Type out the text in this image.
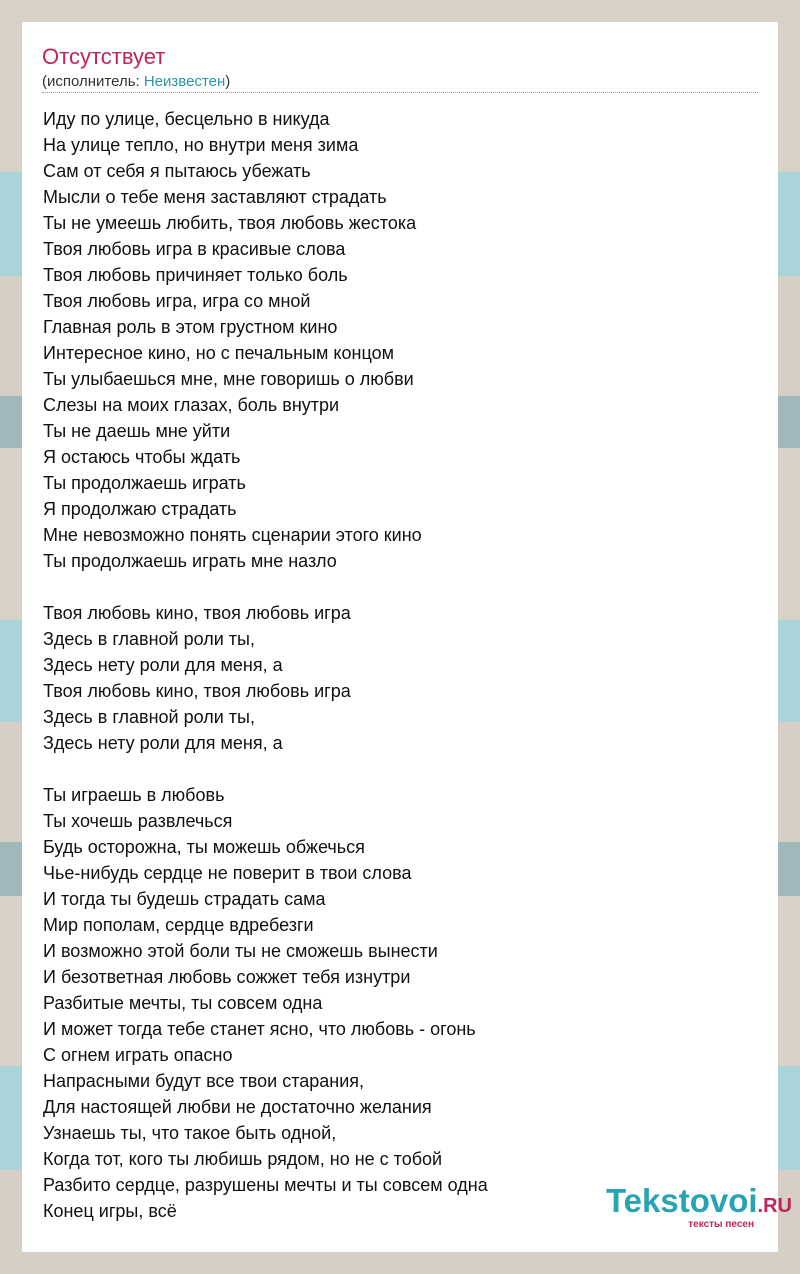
Отсутствует
(исполнитель: Неизвестен)
Иду по улице, бесцельно в никуда
На улице тепло, но внутри меня зима
Сам от себя я пытаюсь убежать
Мысли о тебе меня заставляют страдать
Ты не умеешь любить, твоя любовь жестока
Твоя любовь игра в красивые слова
Твоя любовь причиняет только боль
Твоя любовь игра, игра со мной
Главная роль в этом грустном кино
Интересное кино, но с печальным концом
Ты улыбаешься мне, мне говоришь о любви
Слезы на моих глазах, боль внутри
Ты не даешь мне уйти
Я остаюсь чтобы ждать
Ты продолжаешь играть
Я продолжаю страдать
Мне невозможно понять сценарии этого кино
Ты продолжаешь играть мне назло
Твоя любовь кино, твоя любовь игра
Здесь в главной роли ты,
Здесь нету роли для меня, а
Твоя любовь кино, твоя любовь игра
Здесь в главной роли ты,
Здесь нету роли для меня, а
Ты играешь в любовь
Ты хочешь развлечься
Будь осторожна, ты можешь обжечься
Чье-нибудь сердце не поверит в твои слова
И тогда ты будешь страдать сама
Мир пополам, сердце вдребезги
И возможно этой боли ты не сможешь вынести
И безответная любовь сожжет тебя изнутри
Разбитые мечты, ты совсем одна
И может тогда тебе станет ясно, что любовь - огонь
С огнем играть опасно
Напрасными будут все твои старания,
Для настоящей любви не достаточно желания
Узнаешь ты, что такое быть одной,
Когда тот, кого ты любишь рядом, но не с тобой
Разбито сердце, разрушены мечты и ты совсем одна
Конец игры, всё	Tekstovoi.RU
тексты песен
